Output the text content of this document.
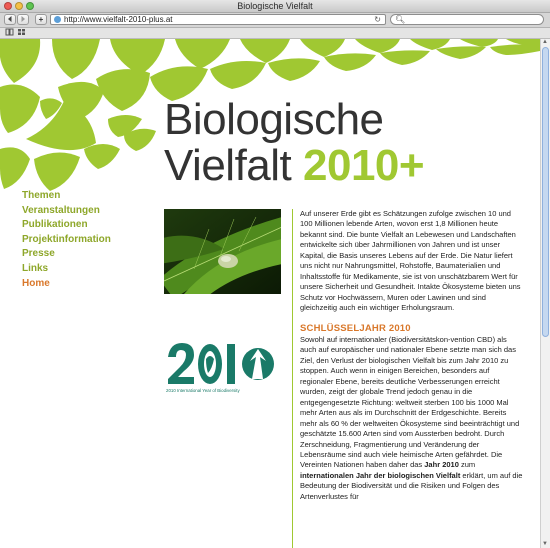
Biologische Vielfalt
+	http://www.vielfalt-2010-plus.at	↻ 🔍︎
Biologische
Vielfalt 2010+
Themen
Veranstaltungen
Publikationen
Projektinformation
Presse
Links
Home
2010 International Year of Biodiversity

Auf unserer Erde gibt es Schätzungen zufolge zwischen 10 und 100 Millionen lebende Arten, wovon erst 1,8 Millionen heute bekannt sind. Die bunte Vielfalt an Lebewesen und Landschaften entwickelte sich über Jahrmillionen von Jahren und ist unser Kapital, die Basis unseres Lebens auf der Erde. Die Natur liefert uns nicht nur Nahrungsmittel, Rohstoffe, Baumaterialien und Inhaltsstoffe für Medikamente, sie ist von unschätzbarem Wert für unsere Sicherheit und Gesundheit. Intakte Ökosysteme bieten uns Schutz vor Hochwässern, Muren oder Lawinen und sind gleichzeitig auch ein wichtiger Erholungsraum.

SCHLÜSSELJAHR 2010

Sowohl auf internationaler (Biodiversitätskon-vention CBD) als auch auf europäischer und nationaler Ebene setzte man sich das Ziel, den Verlust der biologischen Vielfalt bis zum Jahr 2010 zu stoppen. Auch wenn in einigen Bereichen, besonders auf regionaler Ebene, bereits deutliche Verbesserungen erreicht wurden, zeigt der globale Trend jedoch genau in die entgegengesetzte Richtung: weltweit sterben 100 bis 1000 Mal mehr Arten aus als im Durchschnitt der Erdgeschichte. Bereits mehr als 60 % der weltweiten Ökosysteme sind beeinträchtigt und geschätzte 15.600 Arten sind vom Aussterben bedroht. Durch Zerschneidung, Fragmentierung und Veränderung der Lebensräume sind auch viele heimische Arten gefährdet. Die Vereinten Nationen haben daher das Jahr 2010 zum internationalen Jahr der biologischen Vielfalt erklärt, um auf die Bedeutung der Biodiversität und die Risiken und Folgen des Artenverlustes für

▲
▼
